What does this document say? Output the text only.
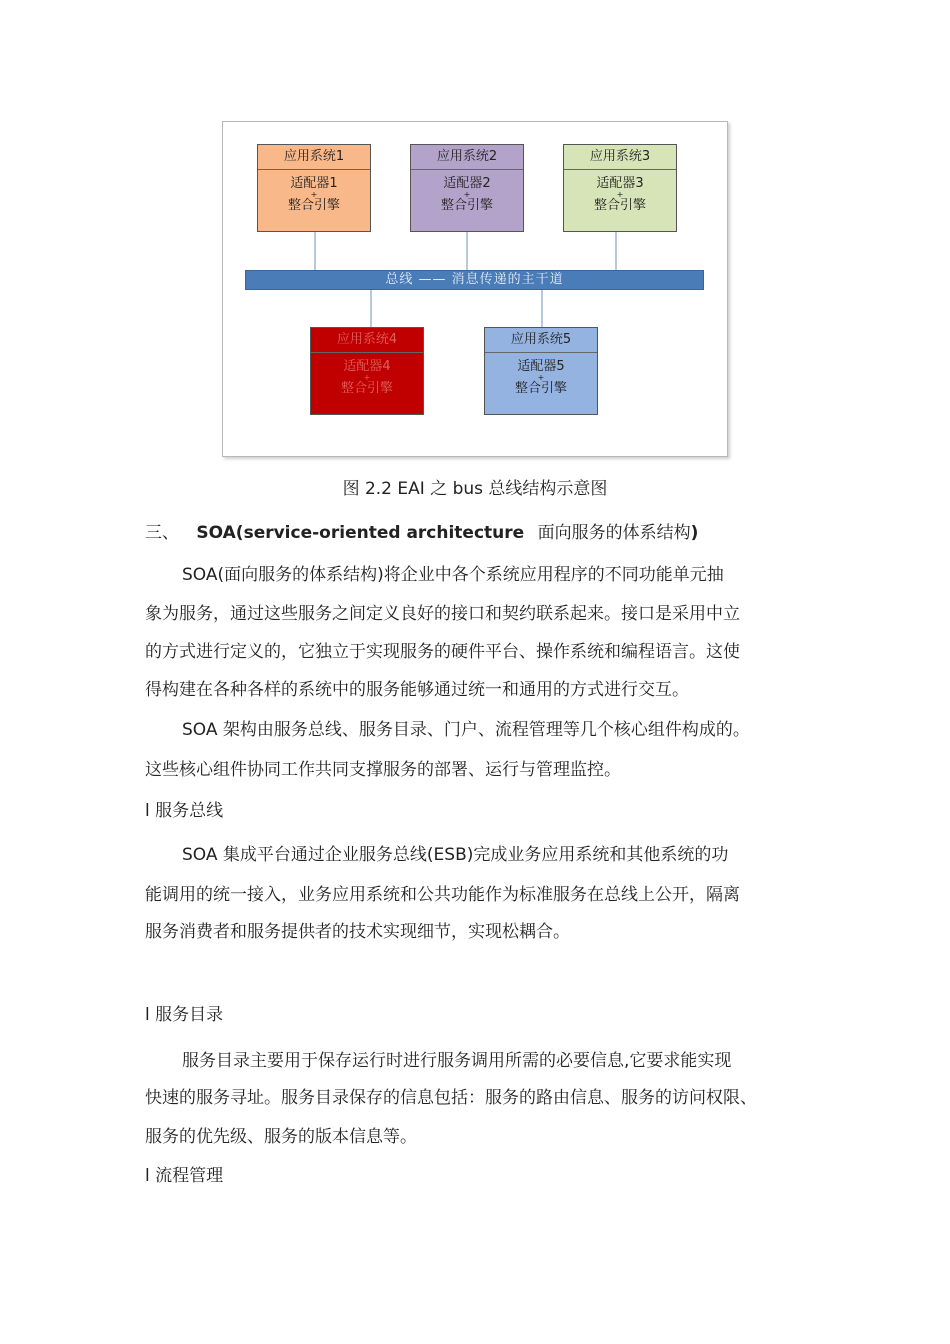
应用系统1
适配器1
+
整合引擎
应用系统2
适配器2
+
整合引擎
应用系统3
适配器3
+
整合引擎
总线 —— 消息传递的主干道
应用系统4
适配器4
+
整合引擎
应用系统5
适配器5
+
整合引擎
图 2.2 EAI 之 bus 总线结构示意图
三、 SOA(service-oriented architecture 面向服务的体系结构)
SOA(面向服务的体系结构)将企业中各个系统应用程序的不同功能单元抽
象为服务，通过这些服务之间定义良好的接口和契约联系起来。接口是采用中立
的方式进行定义的，它独立于实现服务的硬件平台、操作系统和编程语言。这使
得构建在各种各样的系统中的服务能够通过统一和通用的方式进行交互。
SOA 架构由服务总线、服务目录、门户、流程管理等几个核心组件构成的。
这些核心组件协同工作共同支撑服务的部署、运行与管理监控。
l 服务总线
SOA 集成平台通过企业服务总线(ESB)完成业务应用系统和其他系统的功
能调用的统一接入，业务应用系统和公共功能作为标准服务在总线上公开，隔离
服务消费者和服务提供者的技术实现细节，实现松耦合。
l 服务目录
服务目录主要用于保存运行时进行服务调用所需的必要信息,它要求能实现
快速的服务寻址。服务目录保存的信息包括：服务的路由信息、服务的访问权限、
服务的优先级、服务的版本信息等。
l 流程管理
